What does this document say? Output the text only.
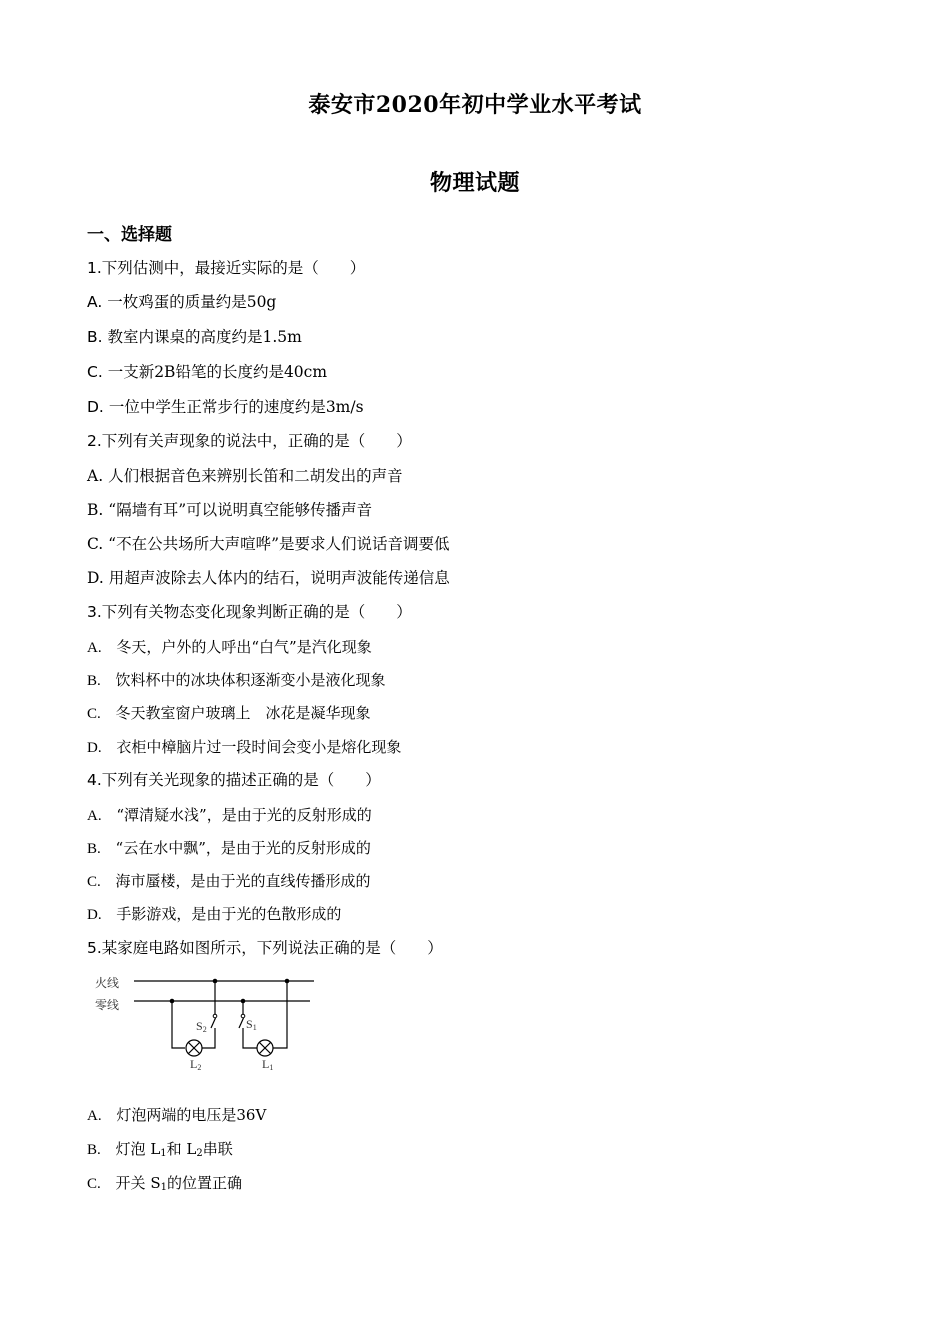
泰安市2020年初中学业水平考试
物理试题
一、选择题
1.下列估测中，最接近实际的是（　　）
A. 一枚鸡蛋的质量约是50g
B. 教室内课桌的高度约是1.5m
C. 一支新2B铅笔的长度约是40cm
D. 一位中学生正常步行的速度约是3m/s
2.下列有关声现象的说法中，正确的是（　　）
A. 人们根据音色来辨别长笛和二胡发出的声音
B. “隔墙有耳”可以说明真空能够传播声音
C. “不在公共场所大声喧哗”是要求人们说话音调要低
D. 用超声波除去人体内的结石，说明声波能传递信息
3.下列有关物态变化现象判断正确的是（　　）
A. 冬天，户外的人呼出“白气”是汽化现象
B. 饮料杯中的冰块体积逐渐变小是液化现象
C. 冬天教室窗户玻璃上　冰花是凝华现象
D. 衣柜中樟脑片过一段时间会变小是熔化现象
4.下列有关光现象的描述正确的是（　　）
A. “潭清疑水浅”，是由于光的反射形成的
B. “云在水中飘”，是由于光的反射形成的
C. 海市蜃楼，是由于光的直线传播形成的
D. 手影游戏，是由于光的色散形成的
5.某家庭电路如图所示，下列说法正确的是（　　）
火线
零线
S2
L2
S1
L1
A. 灯泡两端的电压是36V
B. 灯泡 $L_1$和 $L_2$串联
C. 开关 $S_1$的位置正确
